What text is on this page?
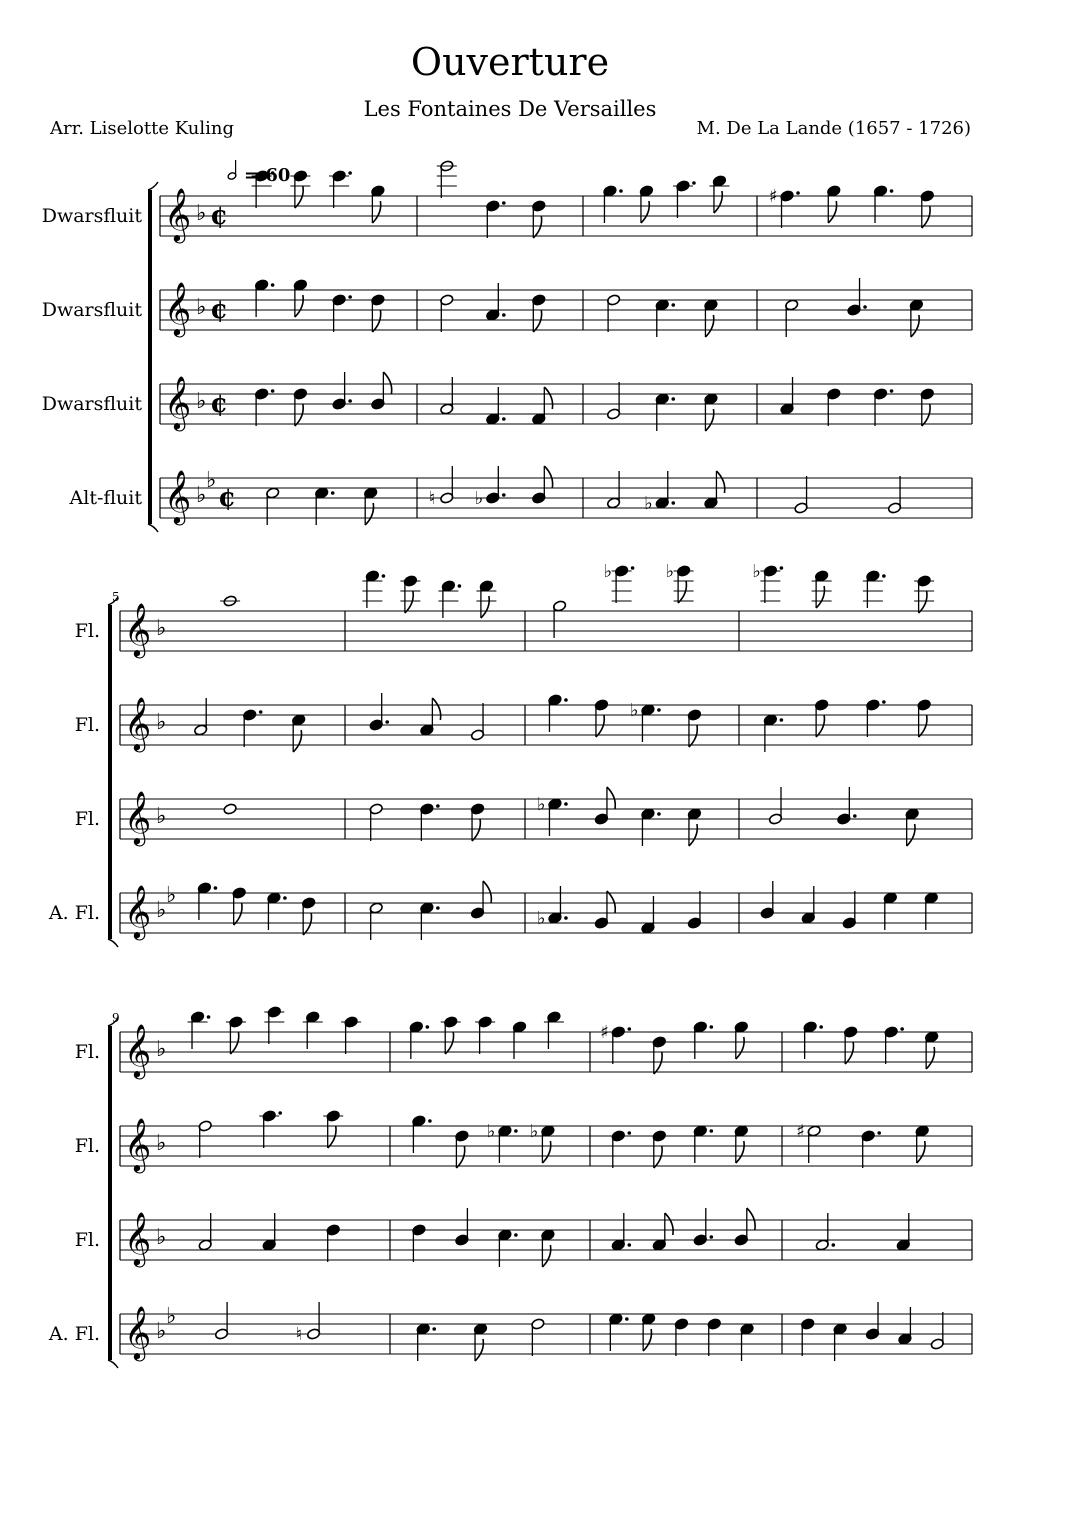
Ouverture
Les Fontaines De Versailles
Arr. Liselotte Kuling	M. De La Lande (1657 - 1726)
𝄞 ♭
Dwarsfluit	¢
♯
𝄞 ♭
Dwarsfluit	¢
𝄞 ♭
Dwarsfluit	¢
𝄞 ♭
♭
Alt-fluit	¢	♮ ♭	♭
𝄞 ♭
Fl.
♭	♭	♭
𝄞 ♭
Fl.
♭
𝄞 ♭
Fl.
♭
𝄞 ♭
♭
A. Fl.	♭
5
𝄞 ♭
Fl.
♯
𝄞 ♭
Fl.
♭ ♭	♯
𝄞 ♭
Fl.
𝄞 ♭
♭
A. Fl.	♮
9
= 60
